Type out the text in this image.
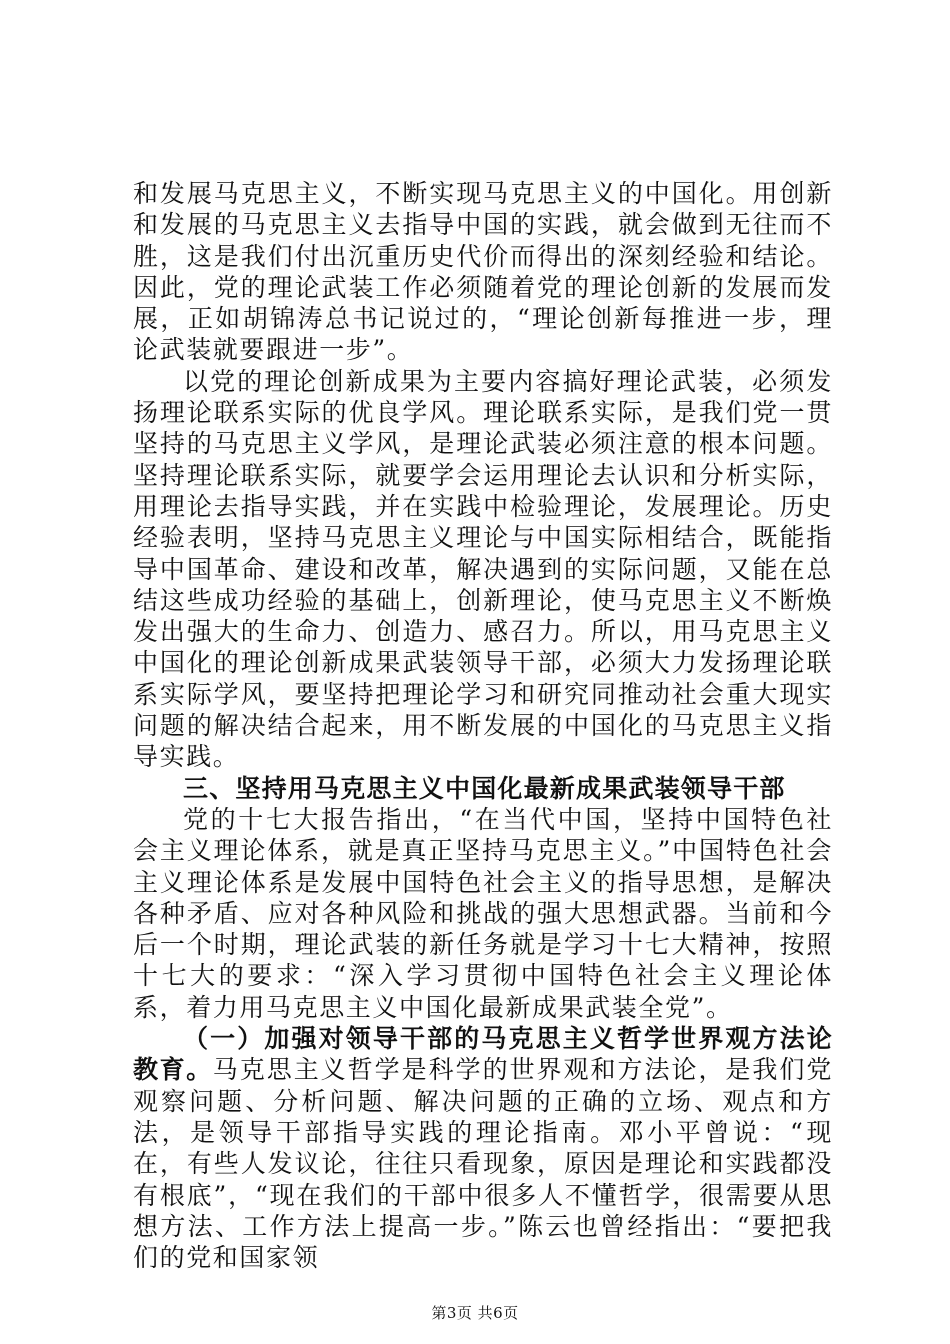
和发展马克思主义，不断实现马克思主义的中国化。用创新和发展的马克思主义去指导中国的实践，就会做到无往而不胜，这是我们付出沉重历史代价而得出的深刻经验和结论。因此，党的理论武装工作必须随着党的理论创新的发展而发展，正如胡锦涛总书记说过的，“理论创新每推进一步，理论武装就要跟进一步”。

以党的理论创新成果为主要内容搞好理论武装，必须发扬理论联系实际的优良学风。理论联系实际，是我们党一贯坚持的马克思主义学风，是理论武装必须注意的根本问题。坚持理论联系实际，就要学会运用理论去认识和分析实际，用理论去指导实践，并在实践中检验理论，发展理论。历史经验表明，坚持马克思主义理论与中国实际相结合，既能指导中国革命、建设和改革，解决遇到的实际问题，又能在总结这些成功经验的基础上，创新理论，使马克思主义不断焕发出强大的生命力、创造力、感召力。所以，用马克思主义中国化的理论创新成果武装领导干部，必须大力发扬理论联系实际学风，要坚持把理论学习和研究同推动社会重大现实问题的解决结合起来，用不断发展的中国化的马克思主义指导实践。

三、坚持用马克思主义中国化最新成果武装领导干部

党的十七大报告指出，“在当代中国，坚持中国特色社会主义理论体系，就是真正坚持马克思主义。”中国特色社会主义理论体系是发展中国特色社会主义的指导思想，是解决各种矛盾、应对各种风险和挑战的强大思想武器。当前和今后一个时期，理论武装的新任务就是学习十七大精神，按照十七大的要求：“深入学习贯彻中国特色社会主义理论体系，着力用马克思主义中国化最新成果武装全党”。

（一）加强对领导干部的马克思主义哲学世界观方法论教育。马克思主义哲学是科学的世界观和方法论，是我们党观察问题、分析问题、解决问题的正确的立场、观点和方法，是领导干部指导实践的理论指南。邓小平曾说：“现在，有些人发议论，往往只看现象，原因是理论和实践都没有根底”，“现在我们的干部中很多人不懂哲学，很需要从思想方法、工作方法上提高一步。”陈云也曾经指出：“要把我们的党和国家领

第3页 共6页
